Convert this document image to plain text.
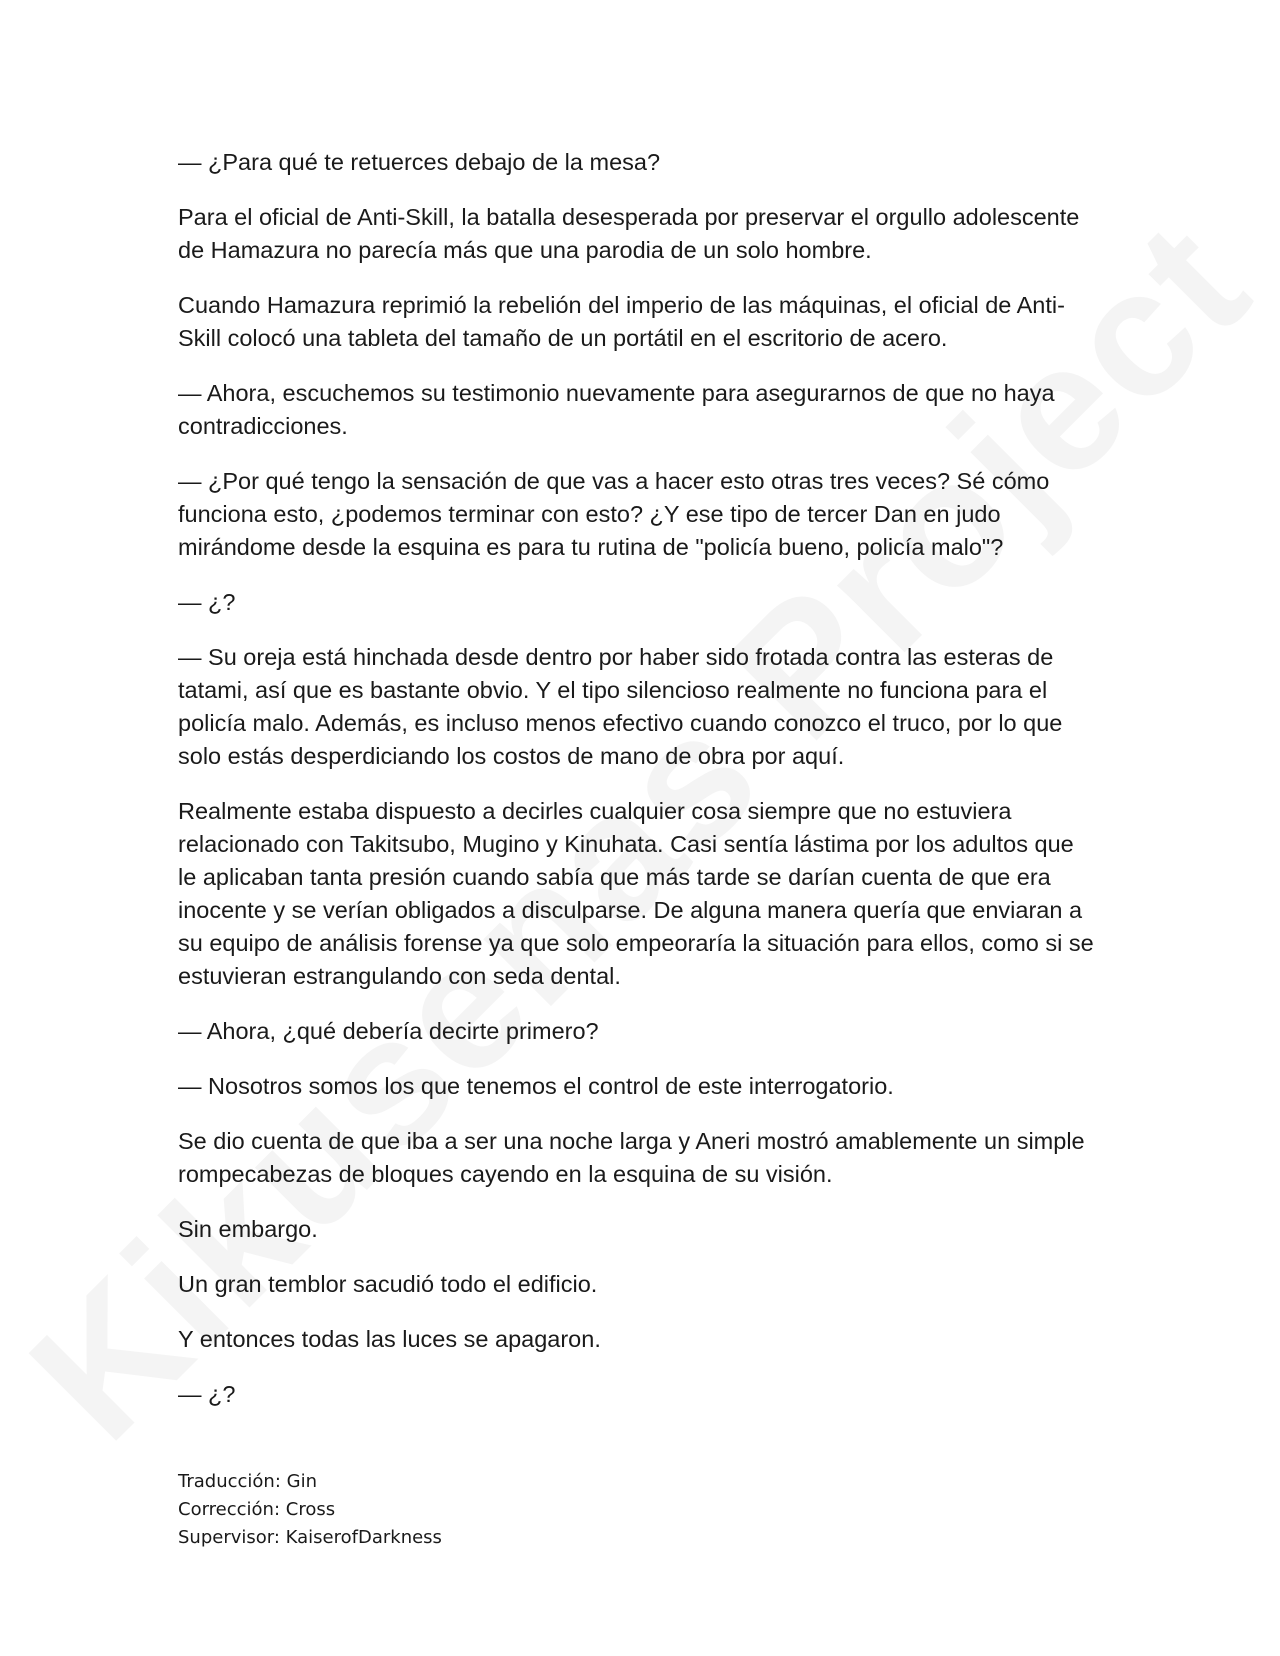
— ¿Para qué te retuerces debajo de la mesa?

Para el oficial de Anti-Skill, la batalla desesperada por preservar el orgullo adolescente de Hamazura no parecía más que una parodia de un solo hombre.

Cuando Hamazura reprimió la rebelión del imperio de las máquinas, el oficial de Anti-Skill colocó una tableta del tamaño de un portátil en el escritorio de acero.

— Ahora, escuchemos su testimonio nuevamente para asegurarnos de que no haya contradicciones.

— ¿Por qué tengo la sensación de que vas a hacer esto otras tres veces? Sé cómo funciona esto, ¿podemos terminar con esto? ¿Y ese tipo de tercer Dan en judo mirándome desde la esquina es para tu rutina de "policía bueno, policía malo"?

— ¿?

— Su oreja está hinchada desde dentro por haber sido frotada contra las esteras de tatami, así que es bastante obvio. Y el tipo silencioso realmente no funciona para el policía malo. Además, es incluso menos efectivo cuando conozco el truco, por lo que solo estás desperdiciando los costos de mano de obra por aquí.

Realmente estaba dispuesto a decirles cualquier cosa siempre que no estuviera relacionado con Takitsubo, Mugino y Kinuhata. Casi sentía lástima por los adultos que le aplicaban tanta presión cuando sabía que más tarde se darían cuenta de que era inocente y se verían obligados a disculparse. De alguna manera quería que enviaran a su equipo de análisis forense ya que solo empeoraría la situación para ellos, como si se estuvieran estrangulando con seda dental.

— Ahora, ¿qué debería decirte primero?

— Nosotros somos los que tenemos el control de este interrogatorio.

Se dio cuenta de que iba a ser una noche larga y Aneri mostró amablemente un simple rompecabezas de bloques cayendo en la esquina de su visión.

Sin embargo.

Un gran temblor sacudió todo el edificio.

Y entonces todas las luces se apagaron.

— ¿?

Traducción: Gin
Corrección: Cross
Supervisor: KaiserofDarkness
